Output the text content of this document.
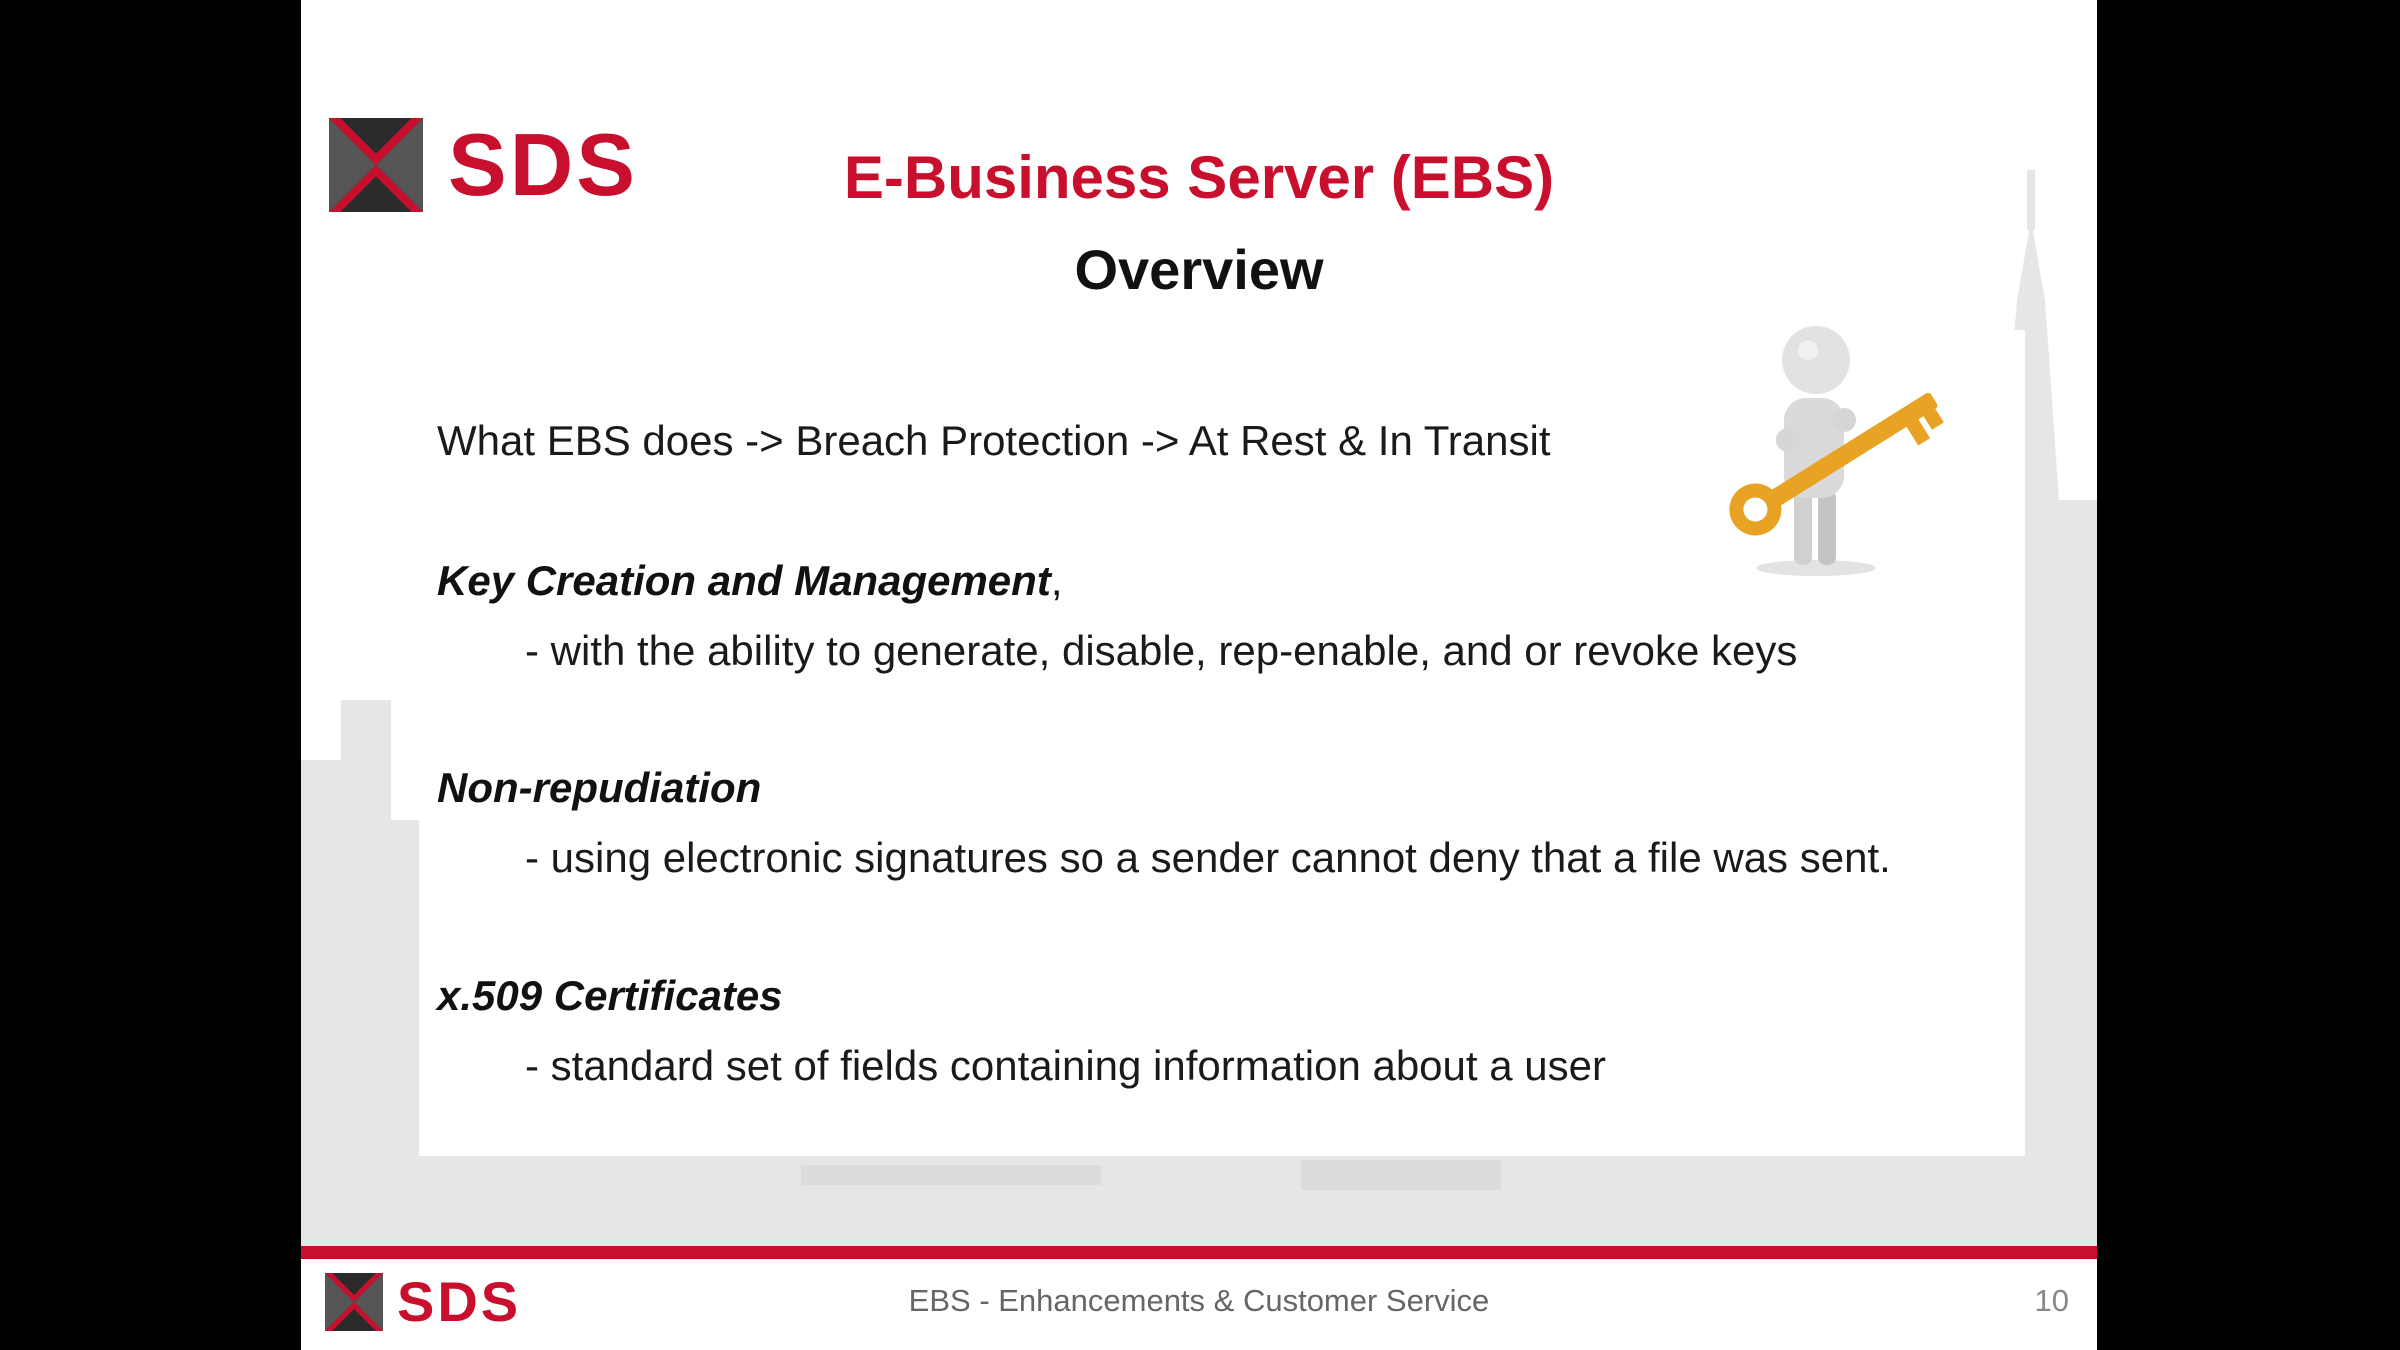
SDS	E-Business Server (EBS)
Overview
What EBS does -> Breach Protection -> At Rest & In Transit
Key Creation and Management,
- with the ability to generate, disable, rep-enable, and or revoke keys
Non-repudiation
- using electronic signatures so a sender cannot deny that a file was sent.
x.509 Certificates
- standard set of fields containing information about a user
SDS	EBS - Enhancements & Customer Service	10
